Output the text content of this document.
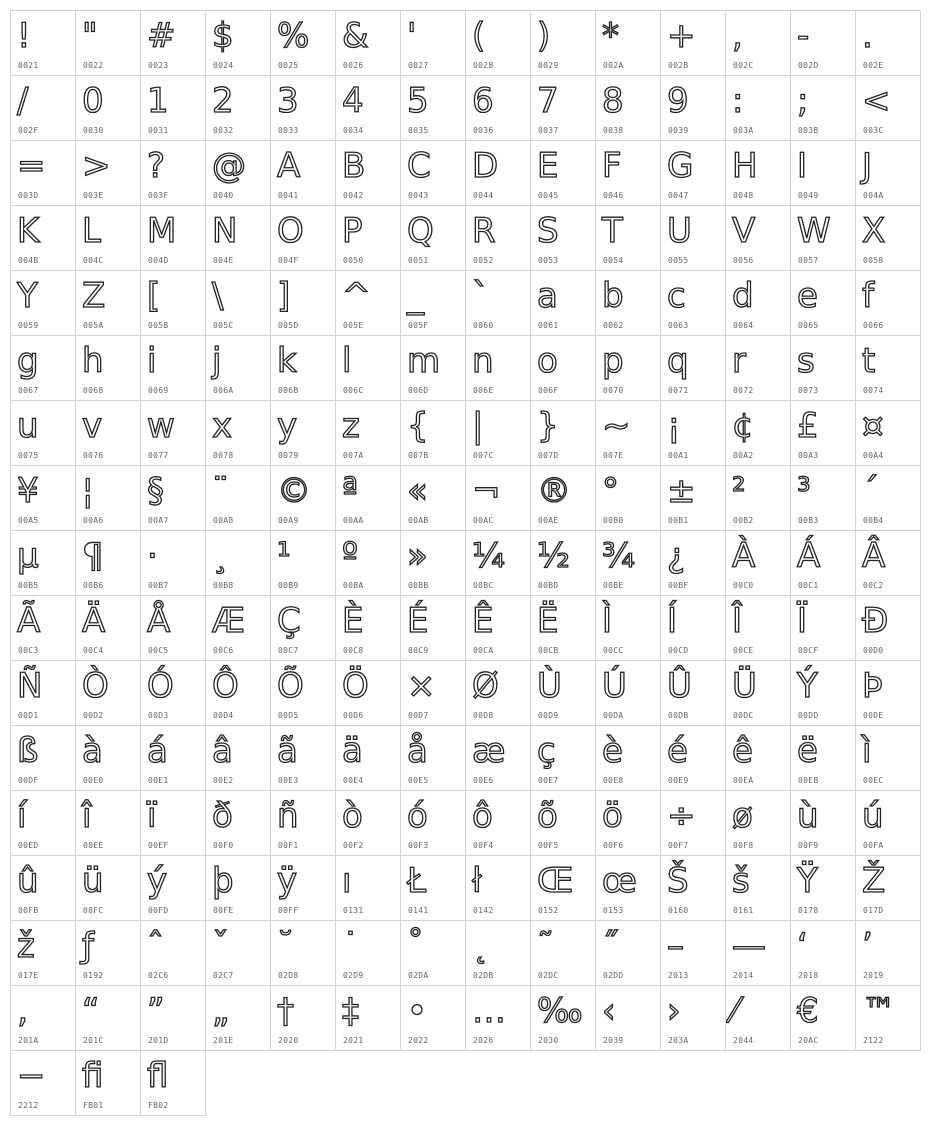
!
0021
"
0022
#
0023
$
0024
%
0025
&
0026
'
0027
(
0028
)
0029
*
002A
+
002B
,
002C
-
002D
.
002E
/
002F
0
0030
1
0031
2
0032
3
0033
4
0034
5
0035
6
0036
7
0037
8
0038
9
0039
:
003A
;
003B
<
003C
=
003D
>
003E
?
003F
@
0040
A
0041
B
0042
C
0043
D
0044
E
0045
F
0046
G
0047
H
0048
I
0049
J
004A
K
004B
L
004C
M
004D
N
004E
O
004F
P
0050
Q
0051
R
0052
S
0053
T
0054
U
0055
V
0056
W
0057
X
0058
Y
0059
Z
005A
[
005B
\
005C
]
005D
^
005E
_
005F
`
0060
a
0061
b
0062
c
0063
d
0064
e
0065
f
0066
g
0067
h
0068
i
0069
j
006A
k
006B
l
006C
m
006D
n
006E
o
006F
p
0070
q
0071
r
0072
s
0073
t
0074
u
0075
v
0076
w
0077
x
0078
y
0079
z
007A
{
007B
|
007C
}
007D
~
007E
¡
00A1
¢
00A2
£
00A3
¤
00A4
¥
00A5
¦
00A6
§
00A7
¨
00A8
©
00A9
ª
00AA
«
00AB
¬
00AC
®
00AE
°
00B0
±
00B1
²
00B2
³
00B3
´
00B4
µ
00B5
¶
00B6
·
00B7
¸
00B8
¹
00B9
º
00BA
»
00BB
¼
00BC
½
00BD
¾
00BE
¿
00BF
À
00C0
Á
00C1
Â
00C2
Ã
00C3
Ä
00C4
Å
00C5
Æ
00C6
Ç
00C7
È
00C8
É
00C9
Ê
00CA
Ë
00CB
Ì
00CC
Í
00CD
Î
00CE
Ï
00CF
Ð
00D0
Ñ
00D1
Ò
00D2
Ó
00D3
Ô
00D4
Õ
00D5
Ö
00D6
×
00D7
Ø
00D8
Ù
00D9
Ú
00DA
Û
00DB
Ü
00DC
Ý
00DD
Þ
00DE
ß
00DF
à
00E0
á
00E1
â
00E2
ã
00E3
ä
00E4
å
00E5
æ
00E6
ç
00E7
è
00E8
é
00E9
ê
00EA
ë
00EB
ì
00EC
í
00ED
î
00EE
ï
00EF
ð
00F0
ñ
00F1
ò
00F2
ó
00F3
ô
00F4
õ
00F5
ö
00F6
÷
00F7
ø
00F8
ù
00F9
ú
00FA
û
00FB
ü
00FC
ý
00FD
þ
00FE
ÿ
00FF
ı
0131
Ł
0141
ł
0142
Œ
0152
œ
0153
Š
0160
š
0161
Ÿ
0178
Ž
017D
ž
017E
ƒ
0192
ˆ
02C6
ˇ
02C7
˘
02D8
˙
02D9
˚
02DA
˛
02DB
˜
02DC
˝
02DD
–
2013
—
2014
‘
2018
’
2019
‚
201A
“
201C
”
201D
„
201E
†
2020
‡
2021
•
2022
…
2026
‰
2030
‹
2039
›
203A
⁄
2044
€
20AC
™
2122
−
2212
ﬁ
FB01
ﬂ
FB02
